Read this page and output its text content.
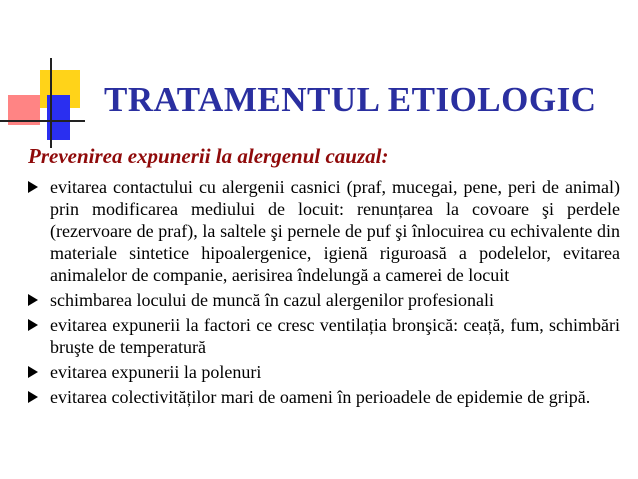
TRATAMENTUL ETIOLOGIC

Prevenirea expunerii la alergenul cauzal:

evitarea contactului cu alergenii casnici (praf, mucegai, pene, peri de animal) prin modificarea mediului de locuit: renunțarea la covoare şi perdele (rezervoare de praf), la saltele şi pernele de puf şi înlocuirea cu echivalente din materiale sintetice hipoalergenice, igienă riguroasă a podelelor, evitarea animalelor de companie, aerisirea îndelungă a camerei de locuit
schimbarea locului de muncă în cazul alergenilor profesionali
evitarea expunerii la factori ce cresc ventilația bronşică: ceață, fum, schimbări bruşte de temperatură
evitarea expunerii la polenuri
evitarea colectivităților mari de oameni în perioadele de epidemie de gripă.
